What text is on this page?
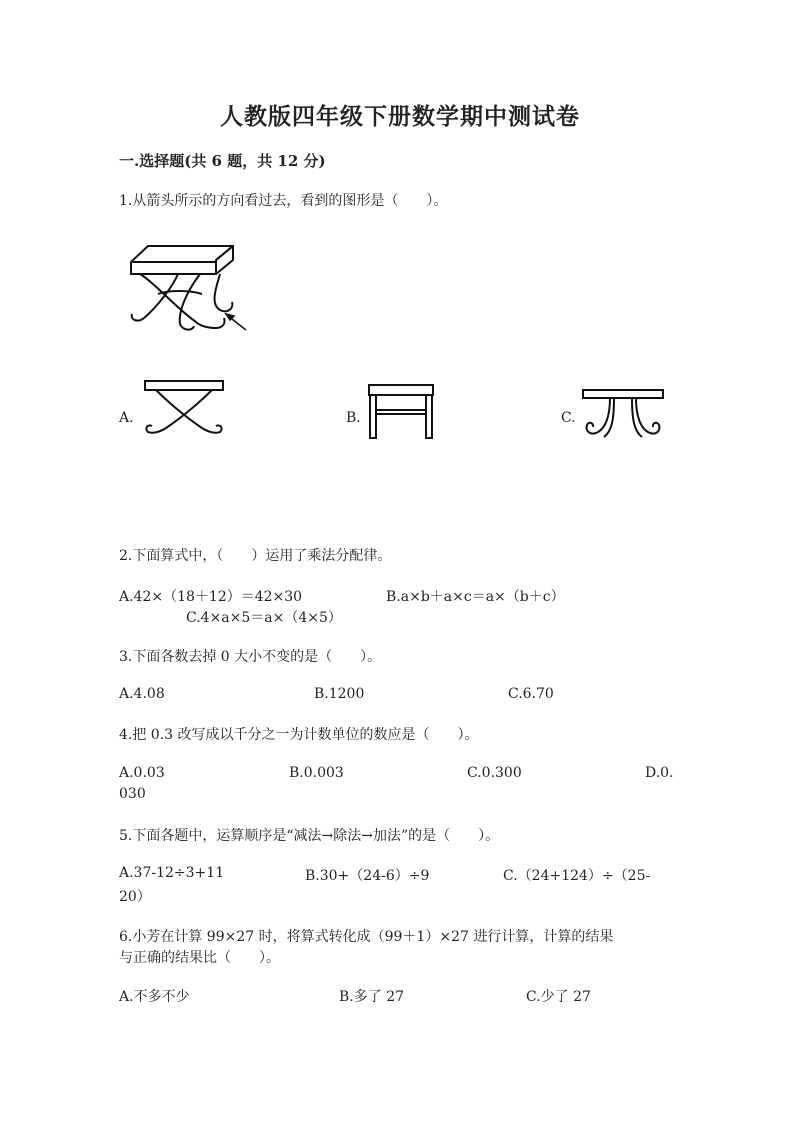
人教版四年级下册数学期中测试卷
一.选择题(共 6 题，共 12 分)
1.从箭头所示的方向看过去，看到的图形是（　　）。
A.	B.	C.
2.下面算式中，（　　）运用了乘法分配律。
A.42×（18＋12）＝42×30	B.a×b＋a×c＝a×（b＋c）
C.4×a×5＝a×（4×5）
3.下面各数去掉 0 大小不变的是（　　）。
A.4.08	B.1200	C.6.70
4.把 0.3 改写成以千分之一为计数单位的数应是（　　）。
A.0.03	B.0.003	C.0.300	D.0.
030
5.下面各题中，运算顺序是“减法→除法→加法”的是（　　）。
A.37-12÷3+11	B.30+（24-6）÷9	C.（24+124）÷（25-
20）
6.小芳在计算 99×27 时，将算式转化成（99＋1）×27 进行计算，计算的结果
与正确的结果比（　　）。
A.不多不少	B.多了 27	C.少了 27
